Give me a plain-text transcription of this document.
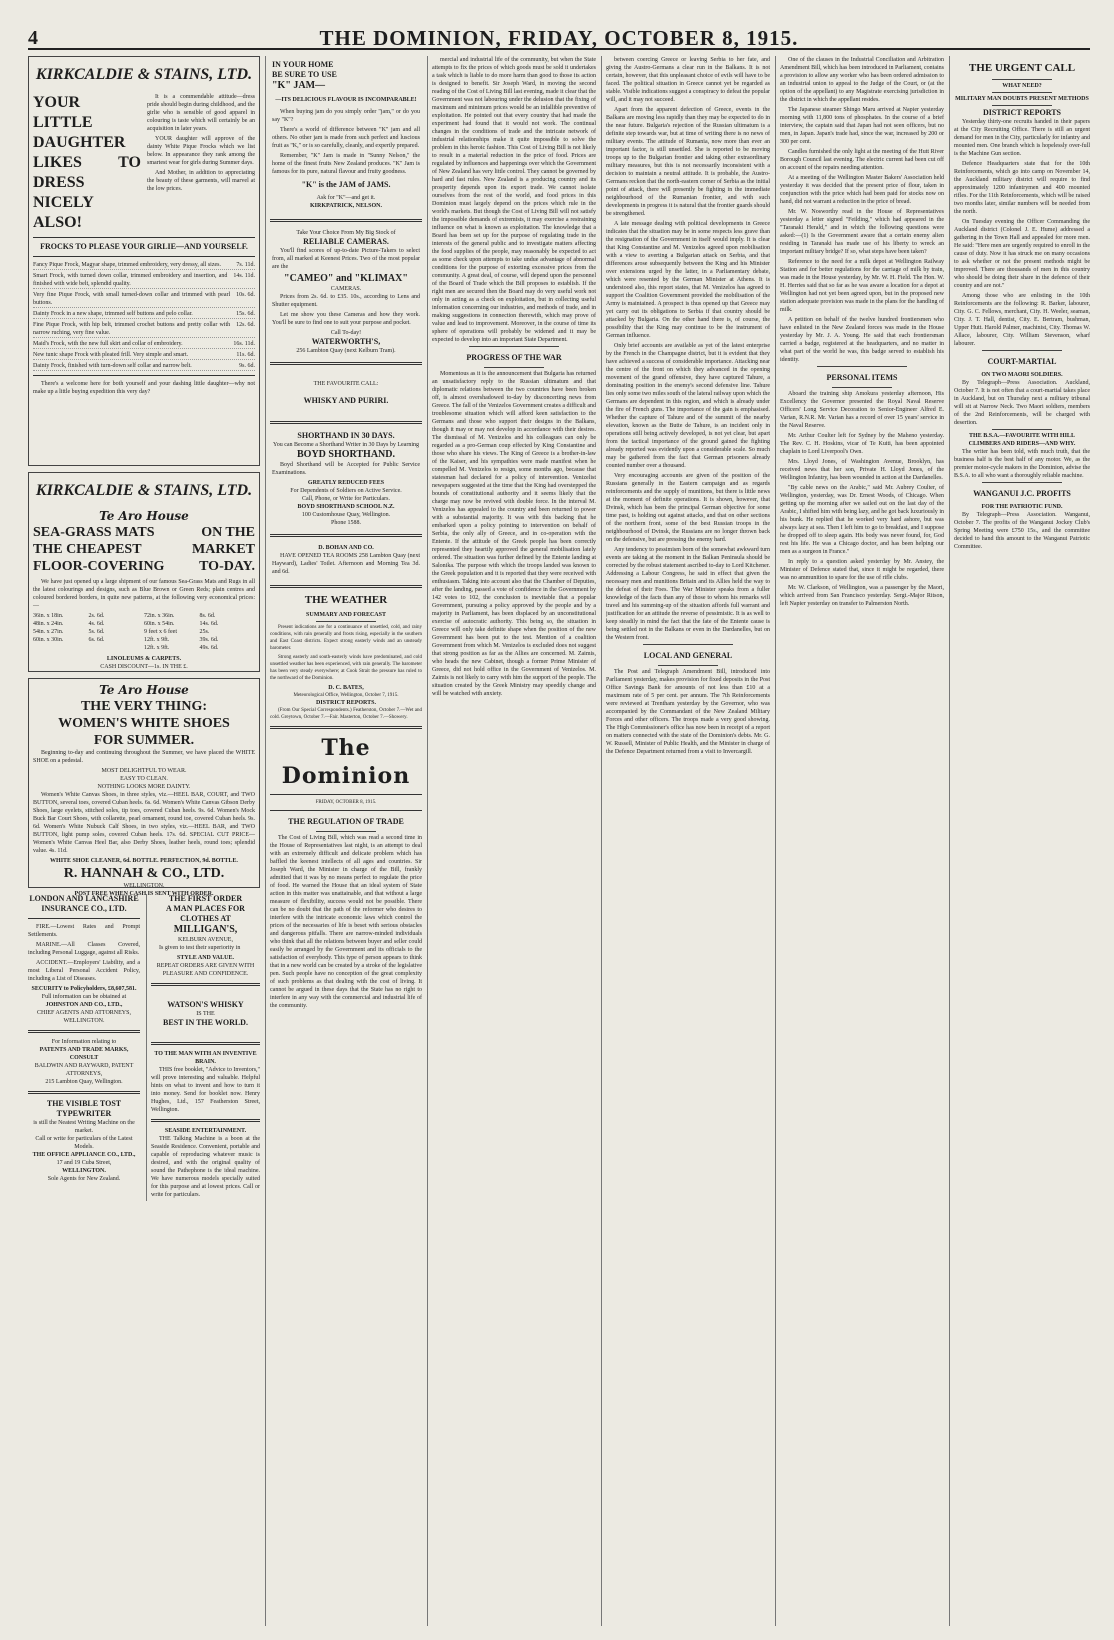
4	THE DOMINION, FRIDAY, OCTOBER 8, 1915.
KIRKCALDIE & STAINS, LTD.
YOUR LITTLE DAUGHTER LIKES TO DRESS NICELY ALSO!
It is a commendable attitude—dress pride should begin during childhood, and the girlie who is sensible of good apparel in colouring is taste which will certainly be an acquisition in later years.
YOUR daughter will approve of the dainty White Pique Frocks which we list below. In appearance they rank among the smartest wear for girls during Summer days.
And Mother, in addition to appreciating the beauty of these garments, will marvel at the low prices.
FROCKS TO PLEASE YOUR GIRLIE—AND YOURSELF.
Fancy Pique Frock, Magyar shape, trimmed embroidery, very dressy, all sizes.	7s. 11d.
Smart Frock, with turned down collar, trimmed embroidery and insertion, and finished with wide belt, splendid quality.
14s. 11d.
Very fine Pique Frock, with small turned-down collar and trimmed with pearl buttons.
10s. 6d.
Dainty Frock in a new shape, trimmed self buttons and pelo collar.	15s. 6d.
Fine Pique Frock, with hip belt, trimmed crochet buttons and pretty collar with narrow ruching, very fine value.
12s. 6d.
Maid's Frock, with the new full skirt and collar of embroidery.	16s. 11d.
New tunic shape Frock with pleated frill. Very simple and smart.	11s. 6d.
Dainty Frock, finished with turn-down self collar and narrow belt.	9s. 6d.
There's a welcome here for both yourself and your dashing little daughter—why not make up a little buying expedition this very day?
KIRKCALDIE & STAINS, LTD.
Te Aro House
SEA-GRASS MATS
THE CHEAPEST
FLOOR-COVERING
ON THE
MARKET
TO-DAY.
We have just opened up a large shipment of our famous Sea-Grass Mats and Rugs in all the latest colourings and designs, such as Blue Brown or Green Reds; plain centres and coloured bordered borders, in quite new patterns, at the following very economical prices:—
36in. x 18in.	2s. 6d.	72in. x 36in.	8s. 6d.
48in. x 24in.	4s. 6d.	60in. x 54in.	14s. 6d.
54in. x 27in.	5s. 6d.	9 feet x 6 feet	25s.
60in. x 30in.	6s. 6d.	12ft. x 9ft.	39s. 6d.
12ft. x 9ft.	49s. 6d.
LINOLEUMS & CARPETS.
CASH DISCOUNT—1s. IN THE £.
Te Aro House
THE VERY THING:
WOMEN'S WHITE SHOES
FOR SUMMER.
Beginning to-day and continuing throughout the Summer, we have placed the WHITE SHOE on a pedestal.
MOST DELIGHTFUL TO WEAR.
EASY TO CLEAN.
NOTHING LOOKS MORE DAINTY.
Women's White Canvas Shoes, in three styles, viz.—HEEL BAR, COURT, and TWO BUTTON, several toes, covered Cuban heels. 6s. 6d. Women's White Canvas Gibson Derby Shoes, large eyelets, stitched soles, tip toes, covered Cuban heels. 9s. 6d. Women's Mock Buck Bar Court Shoes, with collarette, pearl ornament, round toe, covered Cuban heels. 9s. 6d. Women's White Nubuck Calf Shoes, in two styles, viz.—HEEL BAR, and TWO BUTTON, light pump soles, covered Cuban heels. 17s. 6d. SPECIAL CUT PRICE—Women's White Canvas Heel Bar, also Derby Shoes, leather heels, round toes; splendid value. 4s. 11d.
WHITE SHOE CLEANER, 6d. BOTTLE. PERFECTION, 9d. BOTTLE.
R. HANNAH & CO., LTD.
WELLINGTON.
POST FREE WHEN CASH IS SENT WITH ORDER.
LONDON AND LANCASHIRE INSURANCE CO., LTD.
FIRE.—Lowest Rates and Prompt Settlements.
MARINE.—All Classes Covered, including Personal Luggage, against all Risks.
ACCIDENT.—Employers' Liability, and a most Liberal Personal Accident Policy, including a List of Diseases.
SECURITY to Policyholders, £8,607,581.
Full information can be obtained at
JOHNSTON AND CO., LTD.,
CHIEF AGENTS AND ATTORNEYS, WELLINGTON.
For Information relating to
PATENTS AND TRADE MARKS, CONSULT
BALDWIN AND RAYWARD, PATENT ATTORNEYS,
215 Lambton Quay, Wellington.
THE VISIBLE TOST TYPEWRITER
is still the Neatest Writing Machine on the market.
Call or write for particulars of the Latest Models.
THE OFFICE APPLIANCE CO., LTD.,
17 and 19 Cuba Street,
WELLINGTON.
Sole Agents for New Zealand.
THE FIRST ORDER
A MAN PLACES FOR CLOTHES AT
MILLIGAN'S,
KELBURN AVENUE,
Is given to test their superiority in
STYLE AND VALUE.
REPEAT ORDERS ARE GIVEN WITH PLEASURE AND CONFIDENCE.
WATSON'S WHISKY
IS THE
BEST IN THE WORLD.
TO THE MAN WITH AN INVENTIVE BRAIN.
THIS free booklet, "Advice to Inventors," will prove interesting and valuable. Helpful hints on what to invent and how to turn it into money. Send for booklet now. Henry Hughes, Ltd., 157 Featherston Street, Wellington.
SEASIDE ENTERTAINMENT.
THE Talking Machine is a boon at the Seaside Residence. Convenient, portable and capable of reproducing whatever music is desired, and with the original quality of sound the Pathephone is the ideal machine. We have numerous models specially suited for this purpose and at lowest prices. Call or write for particulars.
IN YOUR HOME
BE SURE TO USE
"K" JAM—
—ITS DELICIOUS FLAVOUR IS INCOMPARABLE!
When buying jam do you simply order "jam," or do you say "K"?
There's a world of difference between "K" jam and all others. No other jam is made from such perfect and luscious fruit as "K," or is so carefully, cleanly, and expertly prepared.
Remember, "K" Jam is made in "Sunny Nelson," the home of the finest fruits New Zealand produces. "K" Jam is famous for its pure, natural flavour and fruity goodness.
"K" is the JAM of JAMS.
Ask for "K"—and get it.
KIRKPATRICK, NELSON.
Take Your Choice From My Big Stock of
RELIABLE CAMERAS.
You'll find scores of up-to-date Picture-Takers to select from, all marked at Keenest Prices. Two of the most popular are the
"CAMEO" and "KLIMAX"
CAMERAS.
Prices from 2s. 6d. to £35. 10s., according to Lens and Shutter equipment.
Let me show you these Cameras and how they work. You'll be sure to find one to suit your purpose and pocket.
Call To-day!
WATERWORTH'S,
256 Lambton Quay (next Kelburn Tram).
THE FAVOURITE CALL:
WHISKY AND PURIRI.
SHORTHAND IN 30 DAYS.
You can Become a Shorthand Writer in 30 Days by Learning
BOYD SHORTHAND.
Boyd Shorthand will be Accepted for Public Service Examinations.
GREATLY REDUCED FEES
For Dependents of Soldiers on Active Service.
Call, Phone, or Write for Particulars.
BOYD SHORTHAND SCHOOL N.Z.
100 Customhouse Quay, Wellington.
Phone 1588.
D. BOHAN AND CO.
HAVE OPENED TEA ROOMS 258 Lambton Quay (next Hayward), Ladies' Toilet. Afternoon and Morning Tea 3d. and 6d.
THE WEATHER
SUMMARY AND FORECAST
Present indications are for a continuance of unsettled, cold, and rainy conditions, with rain generally and frosts rising, especially in the southern and East Coast districts. Expect strong easterly winds and an unsteady barometer.
Strong easterly and south-easterly winds have predominated, and cold unsettled weather has been experienced, with rain generally. The barometer has been very steady everywhere; at Cook Strait the pressure has ruled to the northward of the Dominion.
D. C. BATES,
Meteorological Office, Wellington, October 7, 1915.
DISTRICT REPORTS.
(From Our Special Correspondents.) Featherston, October 7.—Wet and cold. Greytown, October 7.—Fair. Masterton, October 7.—Showery.
The Dominion
FRIDAY, OCTOBER 8, 1915.
THE REGULATION OF TRADE
The Cost of Living Bill, which was read a second time in the House of Representatives last night, is an attempt to deal with an extremely difficult and delicate problem which has baffled the keenest intellects of all ages and countries. Sir Joseph Ward, the Minister in charge of the Bill, frankly admitted that it was by no means perfect to regulate the price of food. He warned the House that an ideal system of State action in this matter was unattainable, and that without a large measure of flexibility, success would not be possible. There can be no doubt that the path of the reformer who desires to interfere with the intricate economic laws which control the prices of the necessaries of life is beset with serious obstacles and dangerous pitfalls. There are narrow-minded individuals who think that all the relations between buyer and seller could easily be arranged by the Government and its officials to the satisfaction of everybody. This type of person appears to think that in a new world can be created by a stroke of the legislative pen. Such people have no conception of the great complexity of such problems as that dealing with the cost of living. It cannot be argued in these days that the State has no right to interfere in any way with the commercial and industrial life of the community.
mercial and industrial life of the community, but when the State attempts to fix the prices of which goods must be sold it undertakes a task which is liable to do more harm than good to those its action is designed to benefit. Sir Joseph Ward, in moving the second reading of the Cost of Living Bill last evening, made it clear that the Government was not labouring under the delusion that the fixing of maximum and minimum prices would be an infallible preventive of exploitation. He pointed out that every country that had made the experiment had found that it would not work. The continual changes in the conditions of trade and the intricate network of industrial relationships make it quite impossible to solve the problem in this heroic fashion. This Cost of Living Bill is not likely to result in a material reduction in the price of food. Prices are regulated by influences and happenings over which the Government of New Zealand has very little control. They cannot be governed by hard and fast rules. New Zealand is a producing country and its prosperity depends upon its export trade. We cannot isolate ourselves from the rest of the world, and food prices in this Dominion must largely depend on the prices which rule in the world's markets. But though the Cost of Living Bill will not satisfy the impossible demands of extremists, it may exercise a restraining influence on what is known as exploitation. The knowledge that a Board has been set up for the purpose of regulating trade in the interests of the general public and to investigate matters affecting the food supplies of the people, may reasonably be expected to act as some check upon attempts to take undue advantage of abnormal conditions for the purpose of extorting excessive prices from the community. A great deal, of course, will depend upon the personnel of the Board of Trade which the Bill proposes to establish. If the right men are secured then the Board may do very useful work not only in acting as a check on exploitation, but in collecting useful information concerning our industries, and methods of trade, and in making suggestions in connection therewith, which may prove of value and lead to improvement. Moreover, in the course of time its sphere of operations will probably be widened and it may be expected to develop into an important State Department.
PROGRESS OF THE WAR
Momentous as it is the announcement that Bulgaria has returned an unsatisfactory reply to the Russian ultimatum and that diplomatic relations between the two countries have been broken off, is almost overshadowed to-day by disconcerting news from Greece. The fall of the Venizelos Government creates a difficult and troublesome situation which will afford keen satisfaction to the Germans and those who support their designs in the Balkans, though it may or may not develop in accordance with their desires. The dismissal of M. Venizelos and his colleagues can only be regarded as a pro-German coup effected by King Constantine and those who share his views. The King of Greece is a brother-in-law of the Kaiser, and his sympathies were made manifest when he compelled M. Venizelos to resign, some months ago, because that statesman had declared for a policy of intervention. Venizelist newspapers suggested at the time that the King had overstepped the bounds of constitutional authority and it seems likely that the charge may now be revived with double force. In the interval M. Venizelos has appealed to the country and been returned to power with a substantial majority. It was with this backing that he embarked upon a policy pointing to intervention on behalf of Serbia, the only ally of Greece, and in co-operation with the Entente. If the attitude of the Greek people has been correctly represented they heartily approved the general mobilisation lately ordered. The situation was further defined by the Entente landing at Salonika. The purpose with which the troops landed was known to the Greek population and it is reported that they were received with enthusiasm. Taking into account also that the Chamber of Deputies, after the landing, passed a vote of confidence in the Government by 142 votes to 102, the conclusion is inevitable that a popular Government, pursuing a policy approved by the people and by a majority in Parliament, has been displaced by an unconstitutional exercise of autocratic authority. This being so, the situation in Greece will only take definite shape when the position of the new Government has been put to the test. Mention of a coalition Government from which M. Venizelos is excluded does not suggest that strong position as far as the Allies are concerned. M. Zaimis, who heads the new Cabinet, though a former Prime Minister of Greece, did not hold office in the Government of Venizelos. M. Zaimis is not likely to carry with him the support of the people. The situation created by the Greek Ministry may speedily change and will be watched with anxiety.
between coercing Greece or leaving Serbia to her fate, and giving the Austro-Germans a clear run in the Balkans. It is not certain, however, that this unpleasant choice of evils will have to be faced. The political situation in Greece cannot yet be regarded as stable. Visible indications suggest a conspiracy to defeat the popular will, and it may not succeed.
Apart from the apparent defection of Greece, events in the Balkans are moving less rapidly than they may be expected to do in the near future. Bulgaria's rejection of the Russian ultimatum is a definite step towards war, but at time of writing there is no news of military events. The attitude of Rumania, now more than ever an important factor, is still unsettled. She is reported to be moving troops up to the Bulgarian frontier and taking other extraordinary military measures, but this is not necessarily inconsistent with a decision to maintain a neutral attitude. It is probable, the Austro-Germans reckon that the north-eastern corner of Serbia as the initial point of attack, there will presently be fighting in the immediate neighbourhood of the Rumanian frontier, and with such developments in progress it is natural that the frontier guards should be strengthened.
A late message dealing with political developments in Greece indicates that the situation may be in some respects less grave than the resignation of the Government in itself would imply. It is clear that King Constantine and M. Venizelos agreed upon mobilisation with a view to averting a Bulgarian attack on Serbia, and that differences arose subsequently between the King and his Minister over extensions urged by the latter, in a Parliamentary debate, which were resented by the German Minister at Athens. It is understood also, this report states, that M. Venizelos has agreed to support the Coalition Government provided the mobilisation of the Army is maintained. A prospect is thus opened up that Greece may yet carry out its obligations to Serbia if that country should be attacked by Bulgaria. On the other hand there is, of course, the possibility that the King may continue to be the instrument of German influence.
Only brief accounts are available as yet of the latest enterprise by the French in the Champagne district, but it is evident that they have achieved a success of considerable importance. Attacking near the centre of the front on which they advanced in the opening movement of the grand offensive, they have captured Tahure, a dominating position in the enemy's second defensive line. Tahure lies only some two miles south of the lateral railway upon which the Germans are dependent in this region, and which is already under the fire of French guns. The importance of the gain is emphasised. Whether the capture of Tahure and of the summit of the nearby elevation, known as the Butte de Tahure, is an incident only in operations still being actively developed, is not yet clear, but apart from the tactical importance of the ground gained the fighting already reported was evidently upon a considerable scale. So much may be gathered from the fact that German prisoners already counted number over a thousand.
Very encouraging accounts are given of the position of the Russians generally in the Eastern campaign and as regards reinforcements and the supply of munitions, but there is little news at the moment of definite operations. It is shown, however, that Dvinsk, which has been the principal German objective for some time past, is holding out against attacks, and that on other sections of the northern front, some of the best Russian troops in the neighbourhood of Dvinsk, the Russians are no longer thrown back on the defensive, but are pressing the enemy hard.
Any tendency to pessimism born of the somewhat awkward turn events are taking at the moment in the Balkan Peninsula should be corrected by the robust statement ascribed to-day to Lord Kitchener. Addressing a Labour Congress, he said in effect that given the necessary men and munitions Britain and its Allies held the way to the defeat of their Foes. The War Minister speaks from a fuller knowledge of the facts than any of those to whom his remarks will travel and his summing-up of the situation affords full warrant and justification for an attitude the reverse of pessimistic. It is as well to keep steadily in mind the fact that the fate of the Entente cause is being settled not in the Balkans or even in the Dardanelles, but on the Western front.
LOCAL AND GENERAL
The Post and Telegraph Amendment Bill, introduced into Parliament yesterday, makes provision for fixed deposits in the Post Office Savings Bank for amounts of not less than £10 at a maximum rate of 5 per cent. per annum. The 7th Reinforcements were reviewed at Trentham yesterday by the Governor, who was accompanied by the Commandant of the New Zealand Military Forces and other officers. The troops made a very good showing. The High Commissioner's office has now been in receipt of a report on matters connected with the state of the Dominion's debts. Mr. G. W. Russell, Minister of Public Health, and the Minister in charge of the Defence Department returned from a visit to Invercargill.
One of the clauses in the Industrial Conciliation and Arbitration Amendment Bill, which has been introduced in Parliament, contains a provision to allow any worker who has been ordered admission to an industrial union to appeal to the Judge of the Court, or (at the option of the appellant) to any Magistrate exercising jurisdiction in the district in which the appellant resides.
The Japanese steamer Shingo Maru arrived at Napier yesterday morning with 11,800 tons of phosphates. In the course of a brief interview, the captain said that Japan had not seen officers, but no men, in Japan. Japan's trade had, since the war, increased by 200 or 300 per cent.
Candles furnished the only light at the meeting of the Hutt River Borough Council last evening. The electric current had been cut off on account of the repairs needing attention.
At a meeting of the Wellington Master Bakers' Association held yesterday it was decided that the present price of flour, taken in conjunction with the price which had been paid for stocks now on hand, did not warrant a reduction in the price of bread.
Mr. W. Nosworthy read in the House of Representatives yesterday a letter signed "Feilding," which had appeared in the "Taranaki Herald," and in which the following questions were asked:—(1) Is the Government aware that a certain enemy alien residing in Taranaki has made use of his liberty to wreck an important military bridge? If so, what steps have been taken?
Reference to the need for a milk depot at Wellington Railway Station and for better regulations for the carriage of milk by train, was made in the House yesterday, by Mr. W. H. Field. The Hon. W. H. Herries said that so far as he was aware a location for a depot at Wellington had not yet been agreed upon, but in the proposed new station adequate provision was made in the plans for the handling of milk.
A petition on behalf of the twelve hundred frontiersmen who have enlisted in the New Zealand forces was made in the House yesterday by Mr. J. A. Young. He said that each frontiersman carried a badge, registered at the headquarters, and no matter in what part of the world he was, this badge served to establish his identity.
PERSONAL ITEMS
Aboard the training ship Amokura yesterday afternoon, His Excellency the Governor presented the Royal Naval Reserve Officers' Long Service Decoration to Senior-Engineer Alfred E. Varian, R.N.R. Mr. Varian has a record of over 15 years' service in the Naval Reserve.
Mr. Arthur Coulter left for Sydney by the Maheno yesterday. The Rev. C. H. Hoskins, vicar of Te Kuiti, has been appointed chaplain to Lord Liverpool's Own.
Mrs. Lloyd Jones, of Washington Avenue, Brooklyn, has received news that her son, Private H. Lloyd Jones, of the Wellington Infantry, has been wounded in action at the Dardanelles.
"By cable news on the Arabic," said Mr. Aubrey Coulter, of Wellington, yesterday, was Dr. Ernest Woods, of Chicago. When getting up the morning after we sailed out on the last day of the Arabic, I shifted him with being lazy, and he got back luxuriously in his bunk. He replied that he worked very hard ashore, but was always lazy at sea. Then I left him to go to breakfast, and I suppose he dropped off to sleep again. His body was never found, for, God rest his life. He was a Chicago doctor, and has been helping our men as a surgeon in France."
In reply to a question asked yesterday by Mr. Anstey, the Minister of Defence stated that, since it might be regarded, there was no ammunition to spare for the use of rifle clubs.
Mr. W. Clarkson, of Wellington, was a passenger by the Maori, which arrived from San Francisco yesterday. Sergt.-Major Ritson, left Napier yesterday on transfer to Palmerston North.
THE URGENT CALL
WHAT NEED?
MILITARY MAN DOUBTS PRESENT METHODS
DISTRICT REPORTS
Yesterday thirty-one recruits handed in their papers at the City Recruiting Office. There is still an urgent demand for men in the City, particularly for infantry and mounted men. One branch which is hopelessly over-full is the Machine Gun section.
Defence Headquarters state that for the 10th Reinforcements, which go into camp on November 14, the Auckland military district will require to find approximately 1200 infantrymen and 400 mounted rifles. For the 11th Reinforcements, which will be raised two months later, similar numbers will be needed from the north.
On Tuesday evening the Officer Commanding the Auckland district (Colonel J. E. Hume) addressed a gathering in the Town Hall and appealed for more men. He said: "Here men are urgently required to enroll in the cause of duty. Now it has struck me on many occasions to ask whether or not the present methods might be improved. There are thousands of men in this country who should be doing their share in the defence of their country and are not."
Among those who are enlisting in the 10th Reinforcements are the following: R. Barker, labourer, City. G. C. Fellows, merchant, City. H. Weeler, seaman, City. J. T. Hall, dentist, City. E. Bertram, bushman, Upper Hutt. Harold Palmer, machinist, City. Thomas W. Allace, labourer, City. William Stevenson, wharf labourer.
COURT-MARTIAL
ON TWO MAORI SOLDIERS.
By Telegraph—Press Association. Auckland, October 7. It is not often that a court-martial takes place in Auckland, but on Thursday next a military tribunal will sit at Narrow Neck. Two Maori soldiers, members of the 2nd Reinforcements, will be charged with desertion.
THE B.S.A.—FAVOURITE WITH HILL CLIMBERS AND RIDERS—AND WHY.
The writer has been told, with much truth, that the business half is the best half of any motor. We, as the premier motor-cycle makers in the Dominion, advise the B.S.A. to all who want a thoroughly reliable machine.
WANGANUI J.C. PROFITS
FOR THE PATRIOTIC FUND.
By Telegraph—Press Association. Wanganui, October 7. The profits of the Wanganui Jockey Club's Spring Meeting were £750 15s., and the committee decided to hand this amount to the Wanganui Patriotic Committee.
